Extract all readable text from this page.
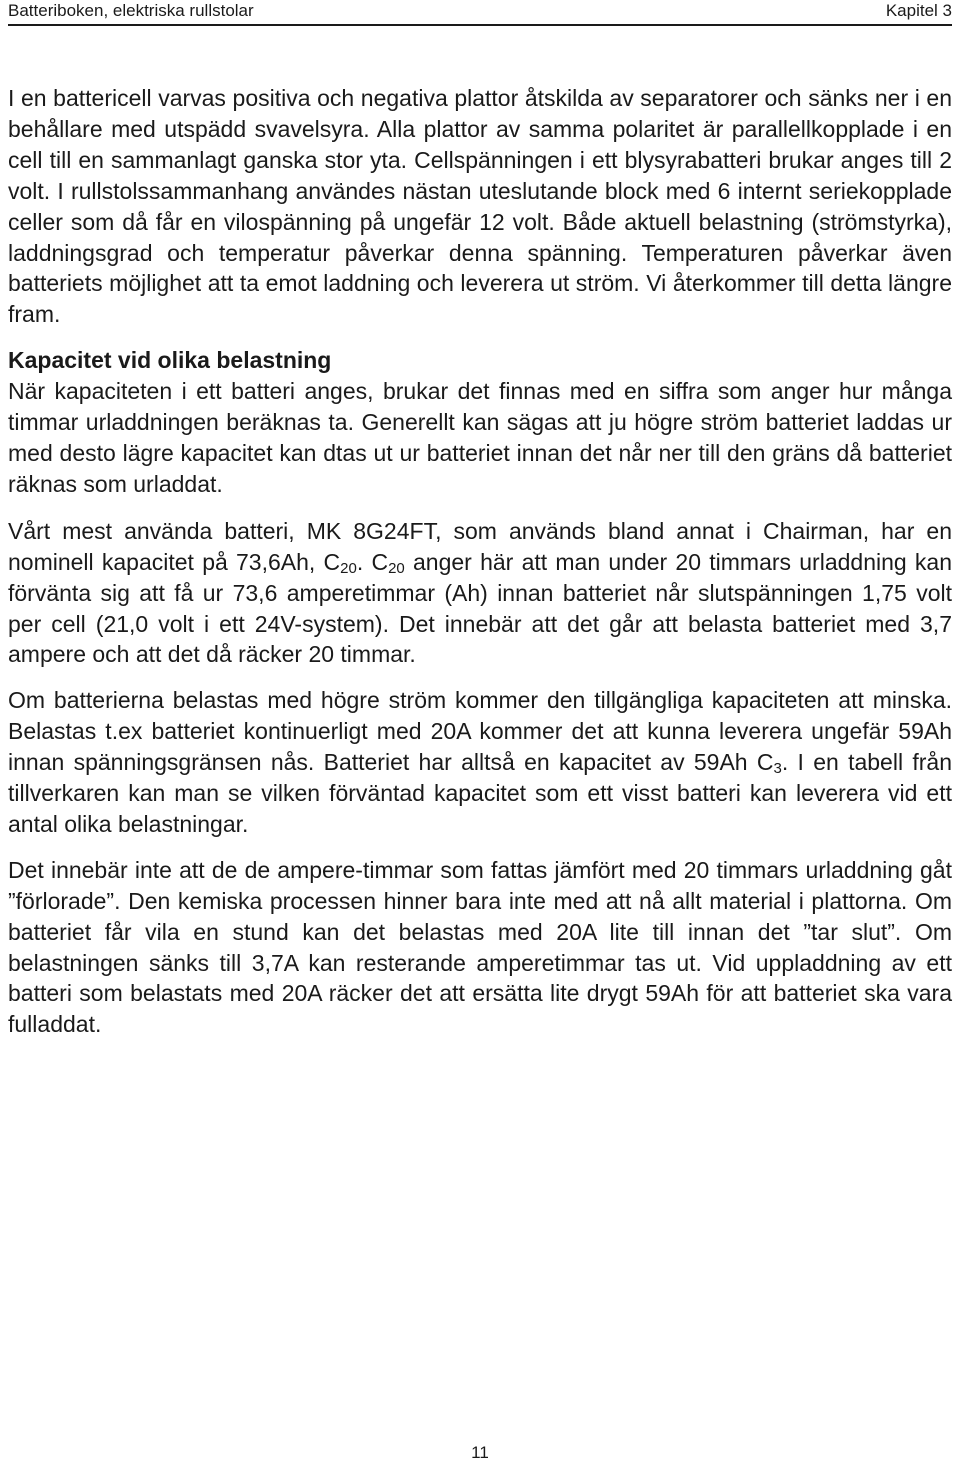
Batteriboken, elektriska rullstolar	Kapitel 3

I en battericell varvas positiva och negativa plattor åtskilda av separatorer och sänks ner i en behållare med utspädd svavelsyra. Alla plattor av samma polaritet är parallellkopplade i en cell till en sammanlagt ganska stor yta. Cellspänningen i ett blysyrabatteri brukar anges till 2 volt. I rullstolssammanhang användes nästan uteslutande block med 6 internt seriekopplade celler som då får en vilospänning på ungefär 12 volt. Både aktuell belastning (strömstyrka), laddningsgrad och temperatur påverkar denna spänning. Temperaturen påverkar även batteriets möjlighet att ta emot laddning och leverera ut ström. Vi återkommer till detta längre fram.

Kapacitet vid olika belastning

När kapaciteten i ett batteri anges, brukar det finnas med en siffra som anger hur många timmar urladdningen beräknas ta. Generellt kan sägas att ju högre ström batteriet laddas ur med desto lägre kapacitet kan dtas ut ur batteriet innan det når ner till den gräns då batteriet räknas som urladdat.

Vårt mest använda batteri, MK 8G24FT, som används bland annat i Chairman, har en nominell kapacitet på 73,6Ah, $C_{20}$. $C_{20}$ anger här att man under 20 timmars urladdning kan förvänta sig att få ur 73,6 amperetimmar (Ah) innan batteriet når slutspänningen 1,75 volt per cell (21,0 volt i ett 24V-system). Det innebär att det går att belasta batteriet med 3,7 ampere och att det då räcker 20 timmar.

Om batterierna belastas med högre ström kommer den tillgängliga kapaciteten att minska. Belastas t.ex batteriet kontinuerligt med 20A kommer det att kunna leverera ungefär 59Ah innan spänningsgränsen nås. Batteriet har alltså en kapacitet av 59Ah $C_3$. I en tabell från tillverkaren kan man se vilken förväntad kapacitet som ett visst batteri kan leverera vid ett antal olika belastningar.

Det innebär inte att de de ampere-timmar som fattas jämfört med 20 timmars urladdning gåt ”förlorade”. Den kemiska processen hinner bara inte med att nå allt material i plattorna. Om batteriet får vila en stund kan det belastas med 20A lite till innan det ”tar slut”. Om belastningen sänks till 3,7A kan resterande amperetimmar tas ut. Vid uppladdning av ett batteri som belastats med 20A räcker det att ersätta lite drygt 59Ah för att batteriet ska vara fulladdat.

11
